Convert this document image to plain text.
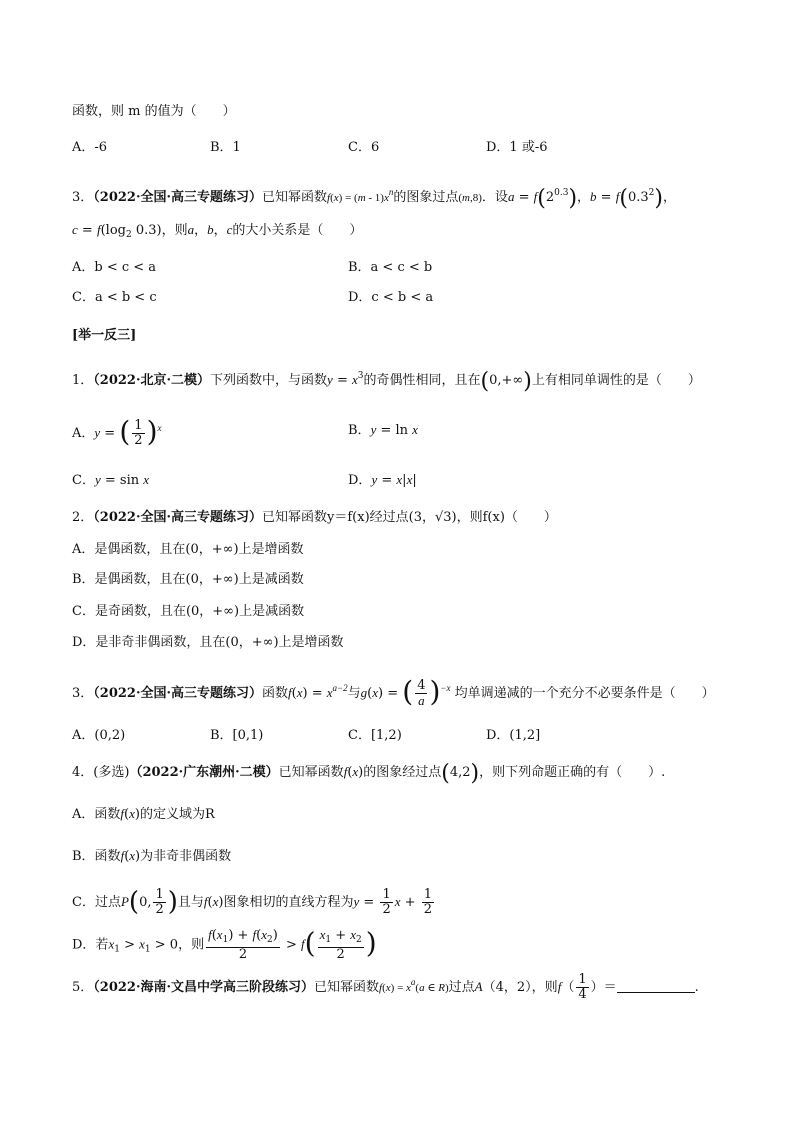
函数，则 m 的值为（　　）
A．-6	B．1	C．6	D．1 或-6
3．（2022·全国·高三专题练习）已知幂函数$f(x) = (m - 1)x^n$的图象过点(m,8)．设$a = f(2^{0.3})$，$b = f(0.3^2)$，
$c = f(\log_2$ 0.3)，则a，b，c的大小关系是（　　）
A．b < c < a	B．a < c < b
C．a < b < c	D．c < b < a
[举一反三]
1．（2022·北京·二模）下列函数中，与函数$y = x^3$的奇偶性相同，且在(0,+∞)上有相同单调性的是（　　）
A．y = ( $\frac{1}{2} )^x$	B．y = ln x
C．y = sin x	D．y = x|x|
2．（2022·全国·高三专题练习）已知幂函数y＝f(x)经过点(3，√3)，则f(x)（　　）
A．是偶函数，且在(0，+∞)上是增函数
B．是偶函数，且在(0，+∞)上是减函数
C．是奇函数，且在(0，+∞)上是减函数
D．是非奇非偶函数，且在(0，+∞)上是增函数
3．（2022·全国·高三专题练习）函数$f(x) = x^{a-2}$与g(x) = ( $\frac{4}{a} )^{-x}$ 均单调递减的一个充分不必要条件是（　　）
A．(0,2)	B．[0,1)	C．[1,2)	D．(1,2]
4．(多选)（2022·广东潮州·二模）已知幂函数f(x)的图象经过点(4,2)，则下列命题正确的有（　　）.
A．函数f(x)的定义域为R
B．函数f(x)为非奇非偶函数
C．过点P(0, $\frac{1}{2}$ )且与f(x)图象相切的直线方程为$y = \frac{1}{2}$ $x + \frac{1}{2}$
D．若$x_1 > x_1 > 0$，则 $\frac{f(x_1) + f(x_2)}{2} > f( \frac{x_1 + x_2}{2}$ )
5．（2022·海南·文昌中学高三阶段练习）已知幂函数$f(x) = x^a(a$ ∈ R)过点A（4，2），则$f( \frac{1}{4}$ ）＝	.
